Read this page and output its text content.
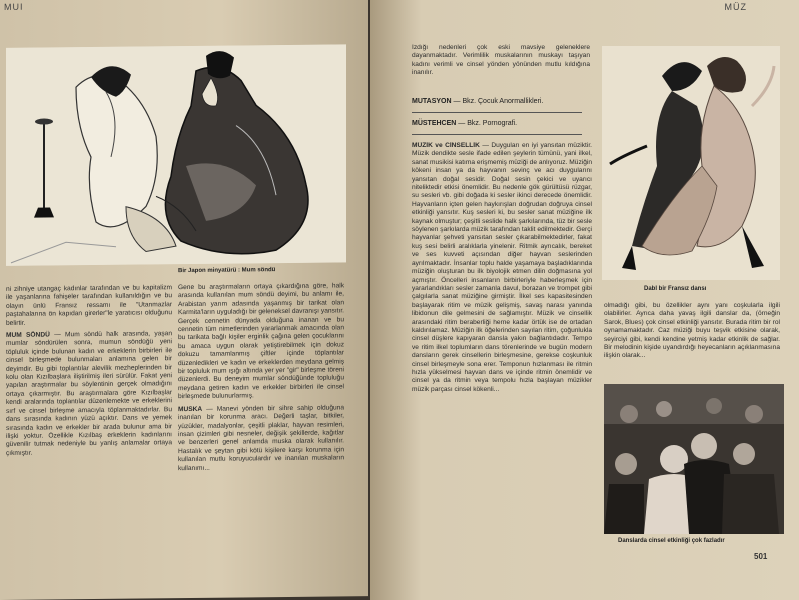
MUI
Bir Japon minyatürü : Mum söndü

ni zihniye utangaç kadınlar tarafından ve bu kapitalizm ile yaşanlarına fahişeler tarafından kullanıldığın ve bu olayın ünlü Fransız ressamı ile "Utanmazlar paştahalarına ön kapıdan girerler"le yaratıcısı olduğunu belirtir.

MUM SÖNDÜ — Mum söndü halk arasında, yaşan mumlar söndürülen sonra, mumun söndüğü yeni töpluluk içinde bulunan kadın ve erkeklerin birbirleri ile cinsel birleşmede bulunmaları anlamına gelen bir deyimdir. Bu gibi toplantılar alevilik mezheplerinden bir kolu olan Kızılbaşlara iliştirilmiş ileri sürülür. Fakat yeni yapılan araştırmalar bu söylentinin gerçek olmadığını ortaya çıkarmıştır. Bu araştırmalara göre Kızılbaşlar kendi aralarında toplantılar düzenlemekte ve erkeklerini sırf ve cinsel birleşme amacıyla töplanmaktadırlar. Bu dans sırasında kadının yüzü açıktır. Dans ve yemek sırasında kadın ve erkekler bir arada bulunur ama bir ilişki yoktur. Özellikle Kızılbaş erkeklerin kadınlarını güvenilir tutmak nedeniyle bu yanlış anlamalar ortaya çıkmıştır.

Gene bu araştırmaların ortaya çıkardığına göre, halk arasında kullanılan mum söndü deyimi, bu anlamı ile, Arabistan yarım adasında yaşanmış bir tarikat olan Karmita'ların uyguladığı bir geleneksel davranışı yansıtır. Gerçek cennetin dünyada olduğuna inanan ve bu cennetin tüm nimetlerinden yararlanmak amacında olan bu tarikata bağlı kişiler erginlik çağına gelen çocuklarını bu amaca uygun olarak yetiştirebilmek için dokuz dokuzu tamamlanmış çiftler içinde töplantılar düzenledikleri ve kadın ve erkeklerden meydana gelmiş bir topluluk mum ışığı altında yer yer "gir" birleşme töreni düzenlerdi. Bu deneyim mumlar söndüğünde topluluğu meydana getiren kadın ve erkekler birbirleri ile cinsel birleşmede bulunurlarmış.

MUSKA — Manevi yönden bir sihre sahip olduğuna inanılan bir korunma aracı. Değerli taşlar, bitkiler, yüzükler, madalyonlar, çeşitli plaklar, hayvan resimleri, insan çizimleri gibi nesneler, değişik şekillerde, kağıtlar ve benzerleri genel anlamda muska olarak kullanılır. Hastalık ve şeytan gibi kötü kişilere karşı korunma için kullanılan mutlu koruyuculardır ve inanılan muskaların kullanımı...

MÜZ
Izdığı nedenleri çok eski mavsiye geleneklere dayanmaktadır. Verimlilik muskalarının muskayı taşıyan kadını verimli ve cinsel yönden yönünden mutlu kıldığına inanılır.
MUTASYON — Bkz. Çocuk Anormallikleri.
MÜSTEHCEN — Bkz. Pornografi.

MÜZİK ve CİNSELLİK — Duyguları en iyi yansıtan müziktir. Müzik dendikte sesle ifade edilen şeylerin tümünü, yani ilkel, sanat musikisi katıma erişmemiş müziği de anlıyoruz. Müziğin kökeni insan ya da hayvanın sevinç ve acı duygularını yansıtan doğal sesidir. Doğal sesin çekici ve uyarıcı niteliktedir etkisi önemlidir. Bu nedenle gök gürültüsü rüzgar, su sesleri vb. gibi doğada ki sesler ikinci derecede önemlidir. Hayvanların içten gelen haykırışları doğrudan doğruya cinsel etkinliği yansıtır. Kuş sesleri ki, bu sesler sanat müziğine ilk kaynak olmuştur; çeşitli seslide halk şarkılarında, tüz bir sesle söylenen şarkılarda müzik tarafından taklit edilmektedir. Gerçi hayvanlar şehveti yansıtan sesler çıkarabilmektedirler, fakat kuş sesi belirli aralıklarla yinelenir. Ritmik ayrıcalık, bereket ve ses kuvveti açısından diğer hayvan seslerinden ayrılmaktadır. İnsanlar toplu halde yaşamaya başladıklarında müziğin oluşturan bu ilk biyolojik etmen dilin doğmasına yol açmıştır. Öncelleri insanların birbirleriyle haberleşmek için yararlandıkları sesler zamanla davul, borazan ve trompet gibi çalgılarla sanat müziğine girmiştir. İlkel ses kapasitesinden başlayarak ritim ve müzik gelişmiş, savaş narası yanında libidonun dile gelmesini de sağlamıştır. Müzik ve cinsellik arasındaki ritim beraberliği herne kadar örtük ise de ortadan kaldırılamaz. Müziğin ilk öğelerinden sayılan ritim, çoğunlukla cinsel düşlere kapıyaran dansla yakın bağlantıdadır. Tempo ve ritim ilkel toplumların dans törenlerinde ve bugün modern dansların gerek cinsellerin birleşmesine, gerekse coşkunluk cinsel birleşmeyle sona erer. Temponun hızlanması ile ritmin hızla yükselmesi hayvan dans ve içinde ritmin önemlidir ve cinsel ya da ritmin veya tempolu hızla başlayan müzikler müzik parçası cinsel kökenli...

Dabl bir Fransız dansı
olmadığı gibi, bu özellikler aynı yanı coşkularla ilgili olabilirler. Ayrıca daha yavaş ilgili danslar da, (örneğin Sarok, Blues) çok cinsel etkinliği yansıtır. Burada ritim bir rol oynamamaktadır. Caz müziği buyu teşvik etkisine olarak, seyirciyi gibi, kendi kendine yetmiş kadar etkinlik de sağlar. Bir melodinin kişide uyandırdığı heyecanların açıklanmasına ilişkin olarak...
Danslarda cinsel etkinliği çok fazladır
501
